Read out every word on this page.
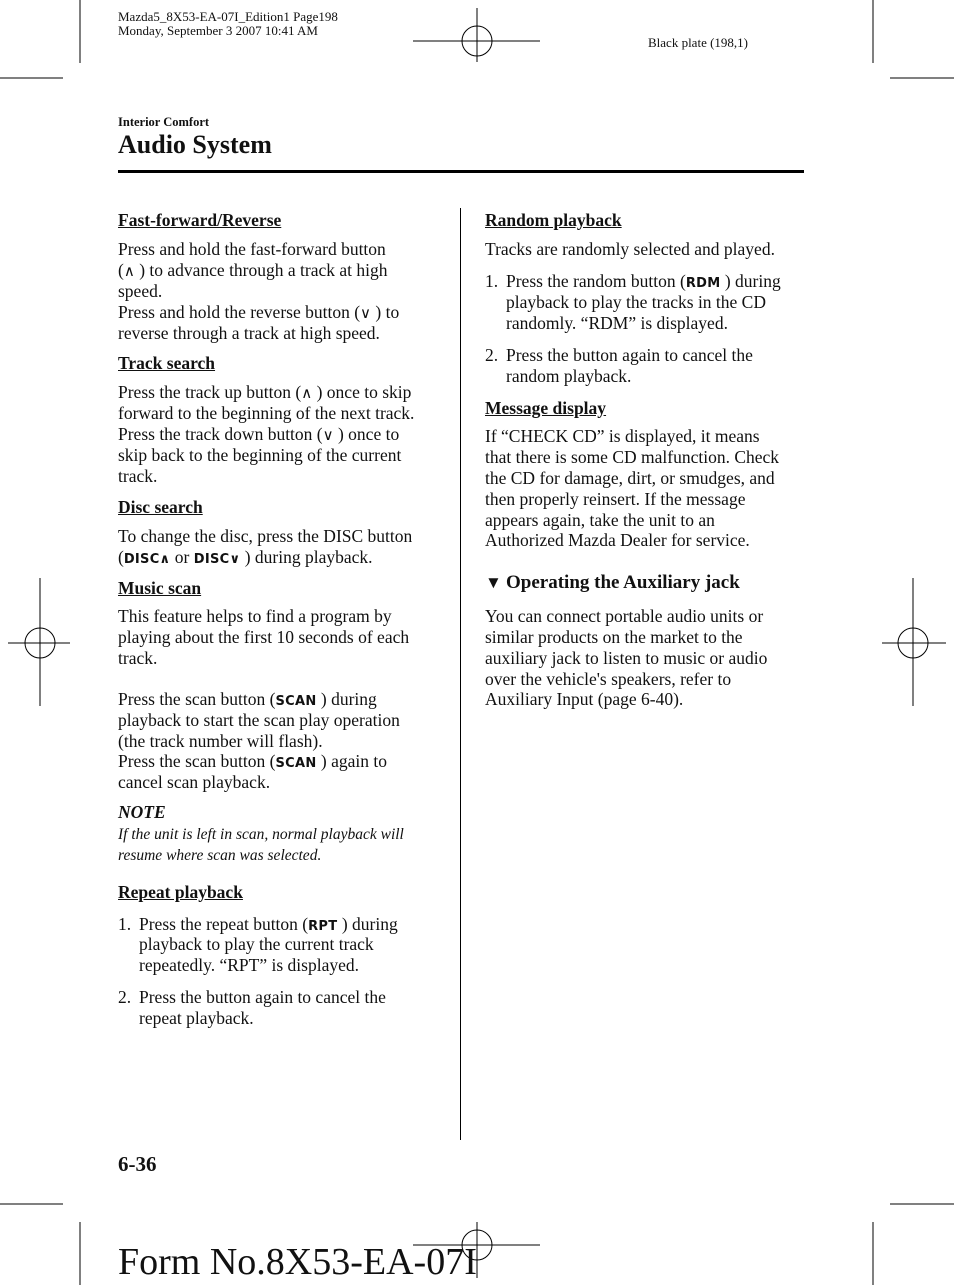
Mazda5_8X53-EA-07I_Edition1 Page198
Monday, September 3 2007 10:41 AM
Black plate (198,1)
Interior Comfort
Audio System
Fast-forward/Reverse
Press and hold the fast-forward button
(∧ ) to advance through a track at high
speed.
Press and hold the reverse button (∨ ) to
reverse through a track at high speed.
Track search
Press the track up button (∧ ) once to skip
forward to the beginning of the next track.
Press the track down button (∨ ) once to
skip back to the beginning of the current
track.
Disc search
To change the disc, press the DISC button
(DISC∧ or DISC∨ ) during playback.
Music scan
This feature helps to find a program by
playing about the first 10 seconds of each
track.
Press the scan button (SCAN ) during
playback to start the scan play operation
(the track number will flash).
Press the scan button (SCAN ) again to
cancel scan playback.
NOTE
If the unit is left in scan, normal playback will
resume where scan was selected.
Repeat playback
1. Press the repeat button (RPT ) during
playback to play the current track
repeatedly. “RPT” is displayed.
2. Press the button again to cancel the
repeat playback.
Random playback
Tracks are randomly selected and played.
1. Press the random button (RDM ) during
playback to play the tracks in the CD
randomly. “RDM” is displayed.
2. Press the button again to cancel the
random playback.
Message display
If “CHECK CD” is displayed, it means
that there is some CD malfunction. Check
the CD for damage, dirt, or smudges, and
then properly reinsert. If the message
appears again, take the unit to an
Authorized Mazda Dealer for service.
▼ Operating the Auxiliary jack
You can connect portable audio units or
similar products on the market to the
auxiliary jack to listen to music or audio
over the vehicle's speakers, refer to
Auxiliary Input (page 6-40).
6-36
Form No.8X53-EA-07I
